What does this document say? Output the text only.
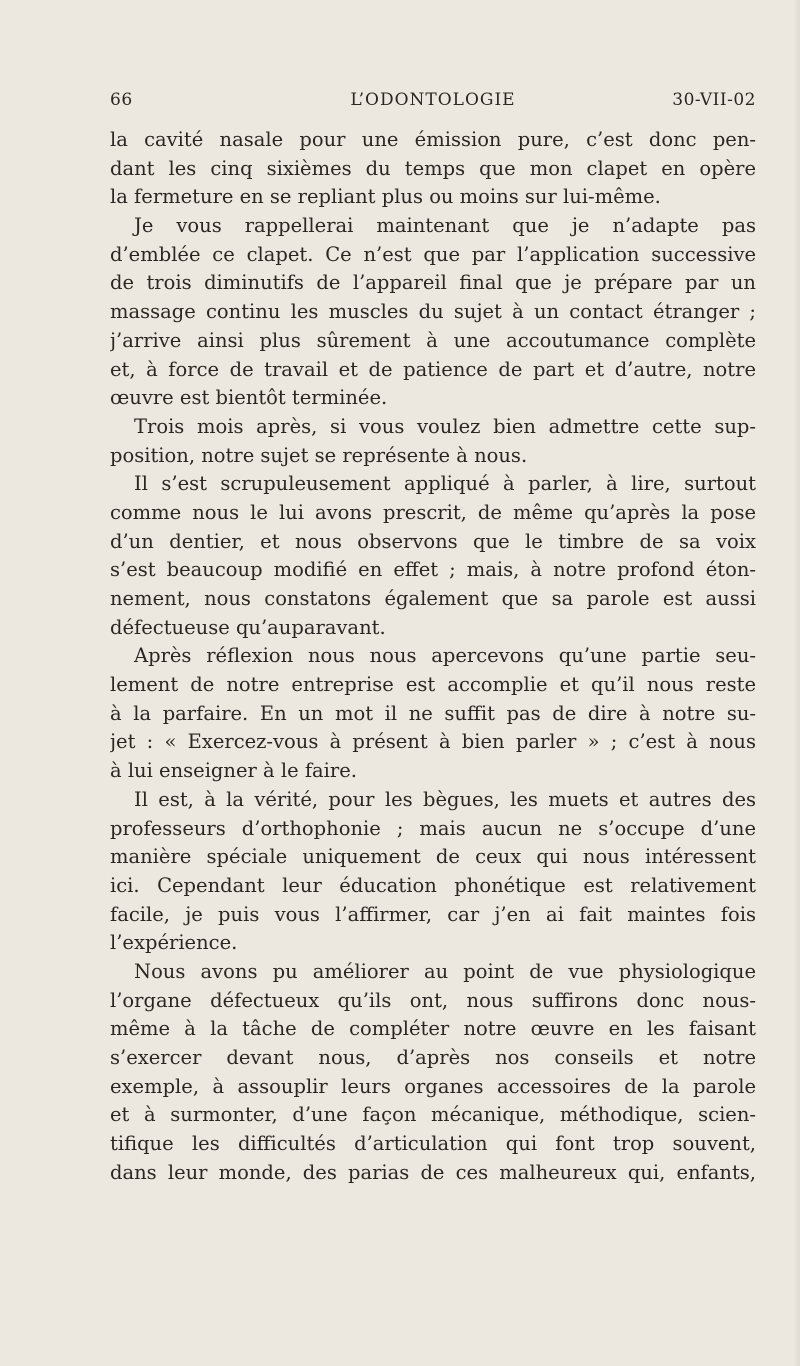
66	L’ODONTOLOGIE	30-VII-02
la cavité nasale pour une émission pure, c’est donc pen-
dant les cinq sixièmes du temps que mon clapet en opère
la fermeture en se repliant plus ou moins sur lui-même.
Je vous rappellerai maintenant que je n’adapte pas
d’emblée ce clapet. Ce n’est que par l’application successive
de trois diminutifs de l’appareil final que je prépare par un
massage continu les muscles du sujet à un contact étranger ;
j’arrive ainsi plus sûrement à une accoutumance complète
et, à force de travail et de patience de part et d’autre, notre
œuvre est bientôt terminée.
Trois mois après, si vous voulez bien admettre cette sup-
position, notre sujet se représente à nous.
Il s’est scrupuleusement appliqué à parler, à lire, surtout
comme nous le lui avons prescrit, de même qu’après la pose
d’un dentier, et nous observons que le timbre de sa voix
s’est beaucoup modifié en effet ; mais, à notre profond éton-
nement, nous constatons également que sa parole est aussi
défectueuse qu’auparavant.
Après réflexion nous nous apercevons qu’une partie seu-
lement de notre entreprise est accomplie et qu’il nous reste
à la parfaire. En un mot il ne suffit pas de dire à notre su-
jet : « Exercez-vous à présent à bien parler » ; c’est à nous
à lui enseigner à le faire.
Il est, à la vérité, pour les bègues, les muets et autres des
professeurs d’orthophonie ; mais aucun ne s’occupe d’une
manière spéciale uniquement de ceux qui nous intéressent
ici. Cependant leur éducation phonétique est relativement
facile, je puis vous l’affirmer, car j’en ai fait maintes fois
l’expérience.
Nous avons pu améliorer au point de vue physiologique
l’organe défectueux qu’ils ont, nous suffirons donc nous-
même à la tâche de compléter notre œuvre en les faisant
s’exercer devant nous, d’après nos conseils et notre
exemple, à assouplir leurs organes accessoires de la parole
et à surmonter, d’une façon mécanique, méthodique, scien-
tifique les difficultés d’articulation qui font trop souvent,
dans leur monde, des parias de ces malheureux qui, enfants,
